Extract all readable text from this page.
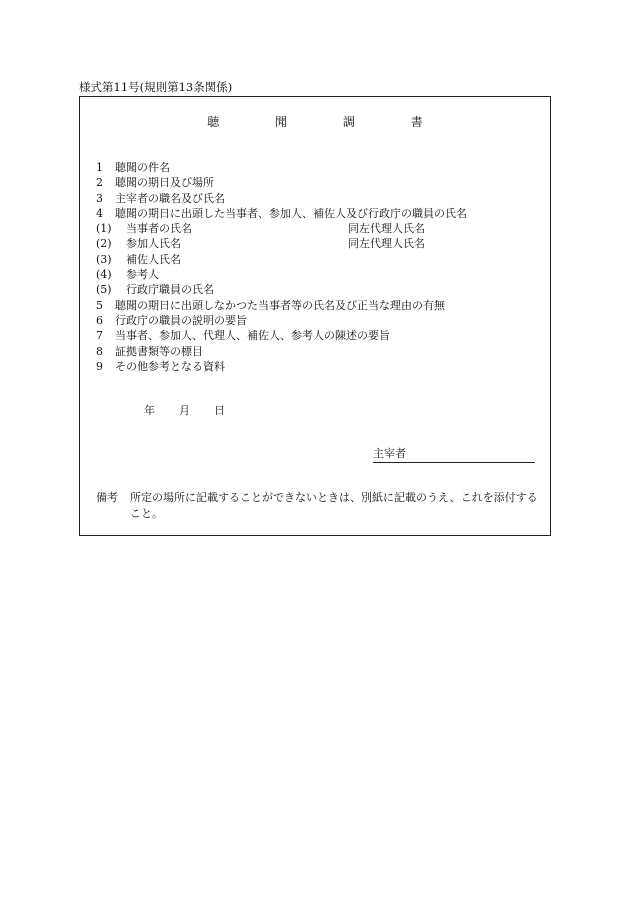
様式第11号(規則第13条関係)
聴 聞 調 書
1 聴聞の件名
2 聴聞の期日及び場所
3 主宰者の職名及び氏名
4 聴聞の期日に出頭した当事者、参加人、補佐人及び行政庁の職員の氏名
(1) 当事者の氏名	同左代理人氏名
(2) 参加人氏名	同左代理人氏名
(3) 補佐人氏名
(4) 参考人
(5) 行政庁職員の氏名
5 聴聞の期日に出頭しなかつた当事者等の氏名及び正当な理由の有無
6 行政庁の職員の説明の要旨
7 当事者、参加人、代理人、補佐人、参考人の陳述の要旨
8 証拠書類等の標目
9 その他参考となる資料
年 月 日
主宰者
備考 所定の場所に記載することができないときは、別紙に記載のうえ、これを添付すること。
